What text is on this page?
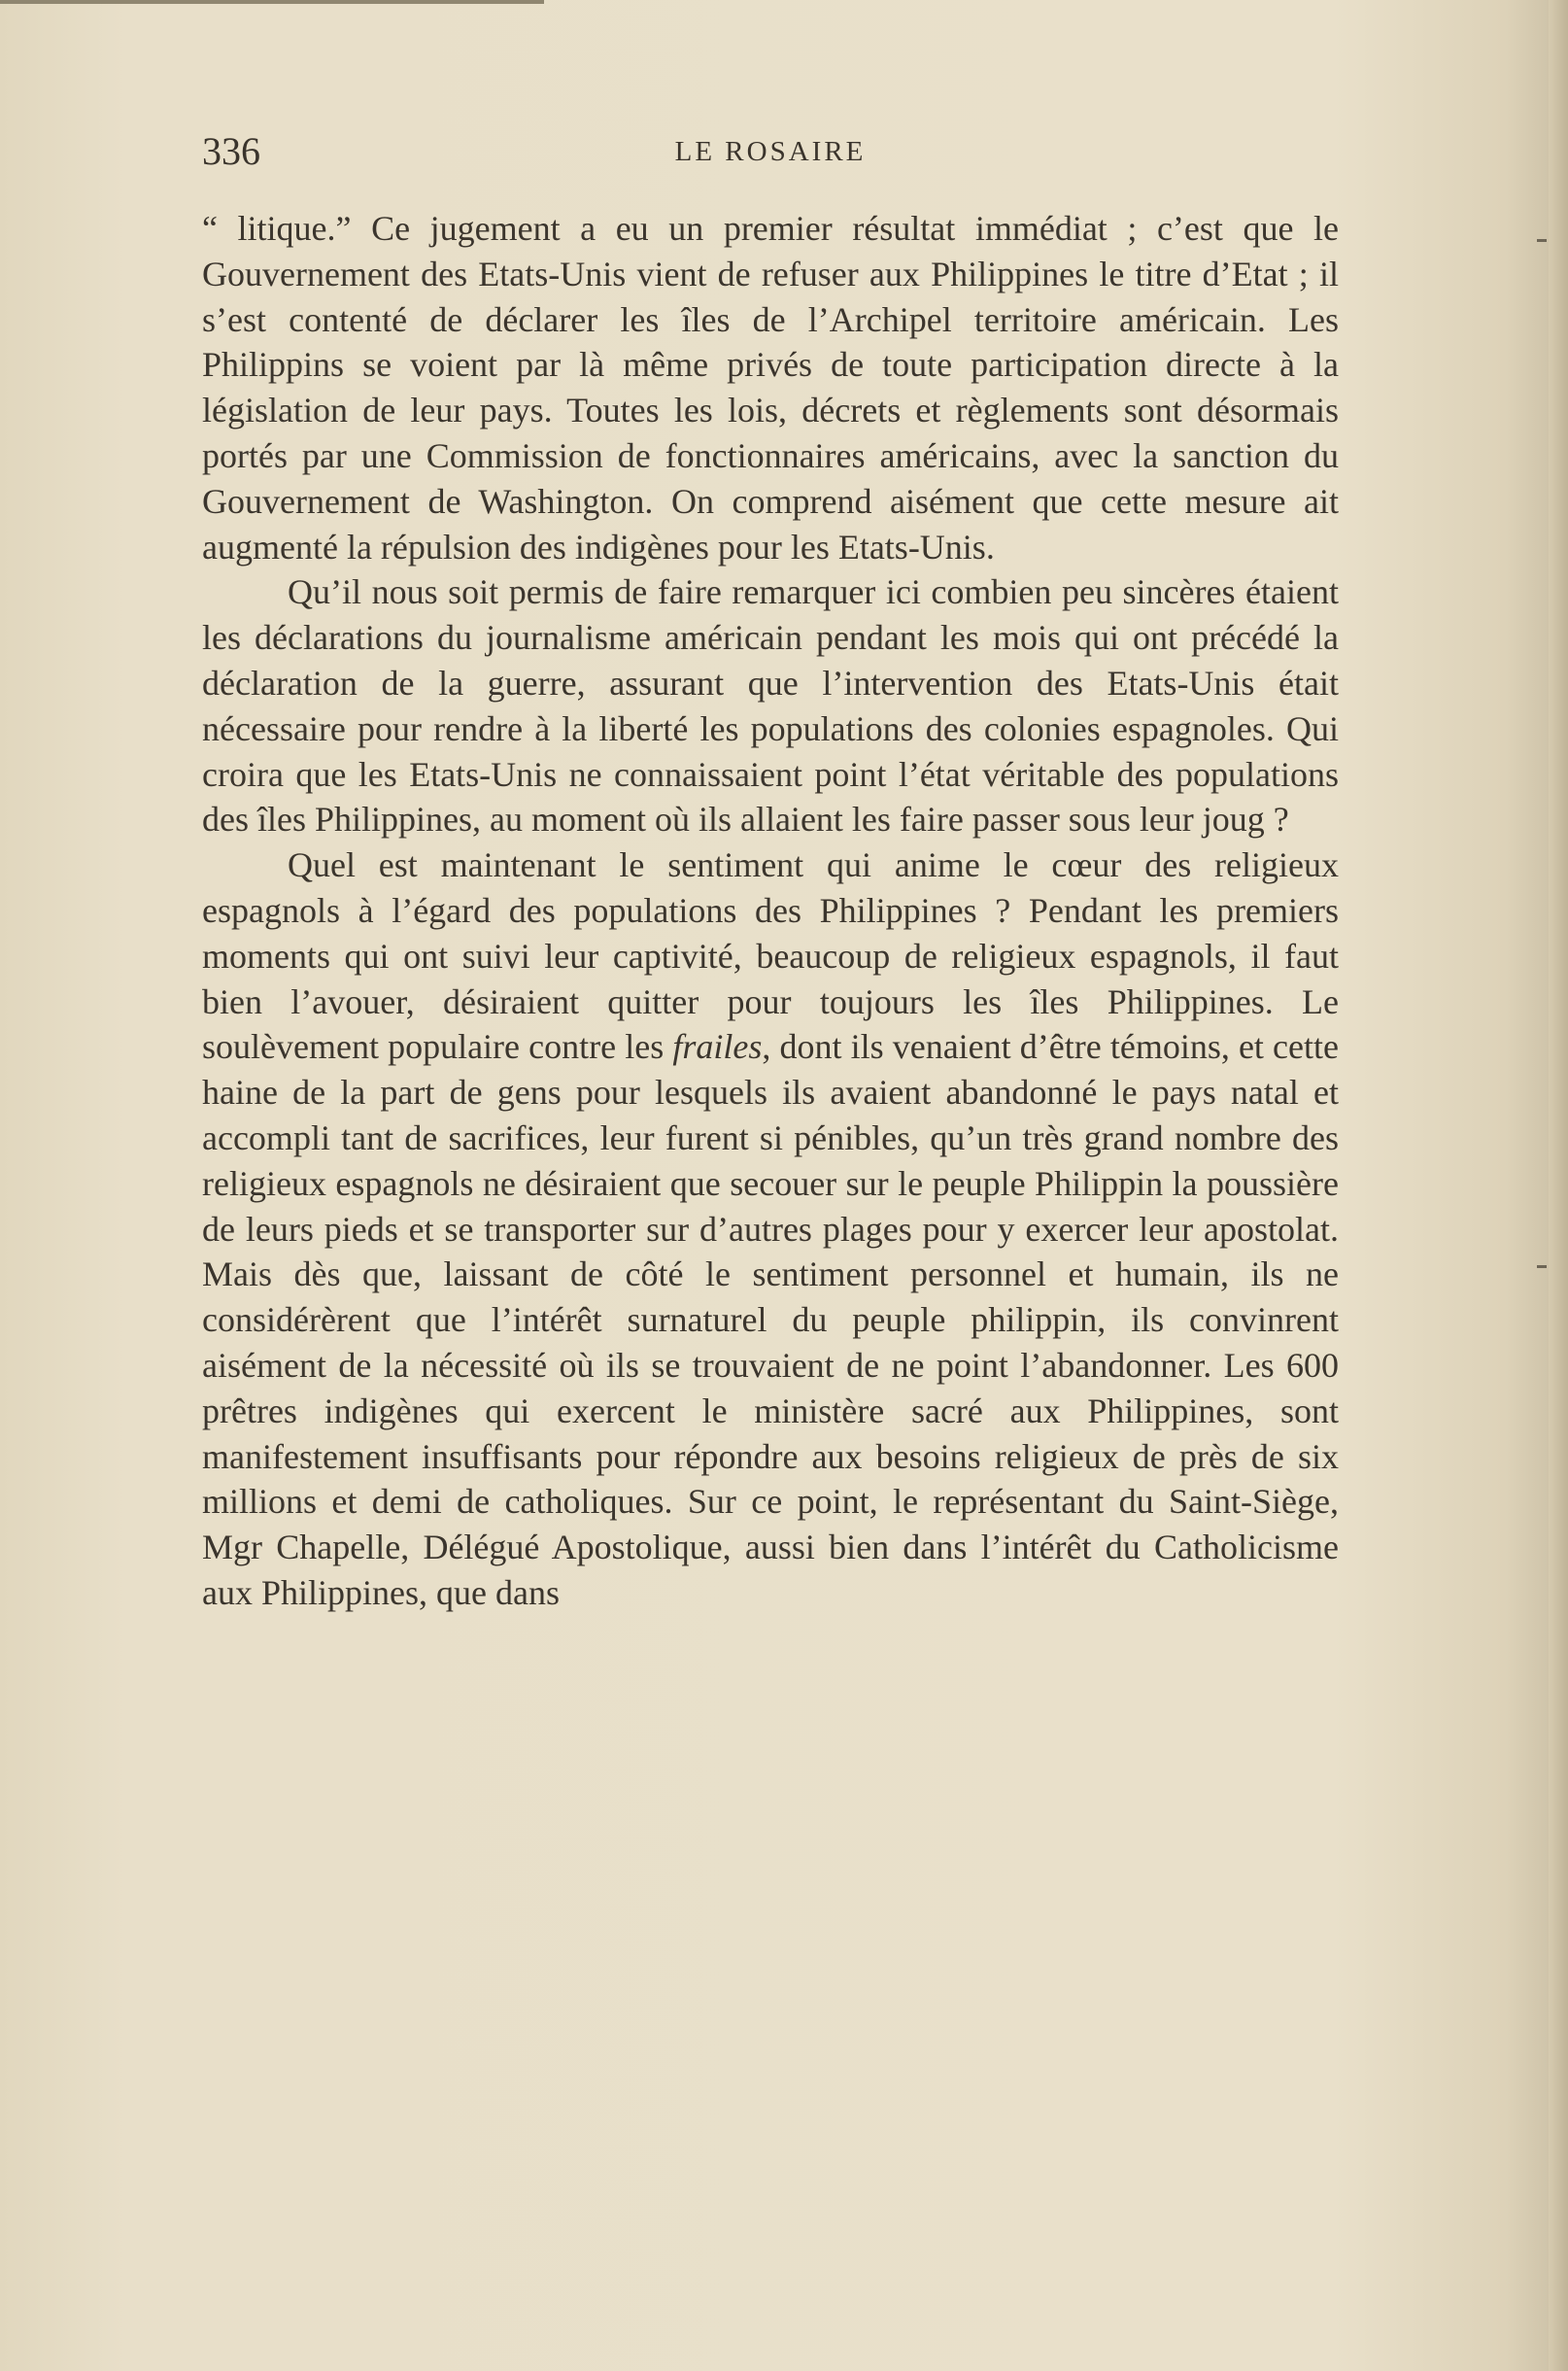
336	LE ROSAIRE

“ litique.” Ce jugement a eu un premier résultat immédiat ; c’est que le Gouvernement des Etats-Unis vient de refuser aux Philippines le titre d’Etat ; il s’est contenté de déclarer les îles de l’Archipel territoire américain. Les Philippins se voient par là même privés de toute participation directe à la législation de leur pays. Toutes les lois, décrets et règlements sont désormais portés par une Commission de fonctionnaires américains, avec la sanction du Gouvernement de Washington. On comprend aisément que cette mesure ait augmenté la répulsion des indigènes pour les Etats-Unis.

Qu’il nous soit permis de faire remarquer ici combien peu sincères étaient les déclarations du journalisme américain pendant les mois qui ont précédé la déclaration de la guerre, assurant que l’intervention des Etats-Unis était nécessaire pour rendre à la liberté les populations des colonies espagnoles. Qui croira que les Etats-Unis ne connaissaient point l’état véritable des populations des îles Philippines, au moment où ils allaient les faire passer sous leur joug ?

Quel est maintenant le sentiment qui anime le cœur des religieux espagnols à l’égard des populations des Philippines ? Pendant les premiers moments qui ont suivi leur captivité, beaucoup de religieux espagnols, il faut bien l’avouer, désiraient quitter pour toujours les îles Philippines. Le soulèvement populaire contre les frailes, dont ils venaient d’être témoins, et cette haine de la part de gens pour lesquels ils avaient abandonné le pays natal et accompli tant de sacrifices, leur furent si pénibles, qu’un très grand nombre des religieux espagnols ne désiraient que secouer sur le peuple Philippin la poussière de leurs pieds et se transporter sur d’autres plages pour y exercer leur apostolat. Mais dès que, laissant de côté le sentiment personnel et humain, ils ne considérèrent que l’intérêt surnaturel du peuple philippin, ils convinrent aisément de la nécessité où ils se trouvaient de ne point l’abandonner. Les 600 prêtres indigènes qui exercent le ministère sacré aux Philippines, sont manifestement insuffisants pour répondre aux besoins religieux de près de six millions et demi de catholiques. Sur ce point, le représentant du Saint-Siège, Mgr Chapelle, Délégué Apostolique, aussi bien dans l’intérêt du Catholicisme aux Philippines, que dans
